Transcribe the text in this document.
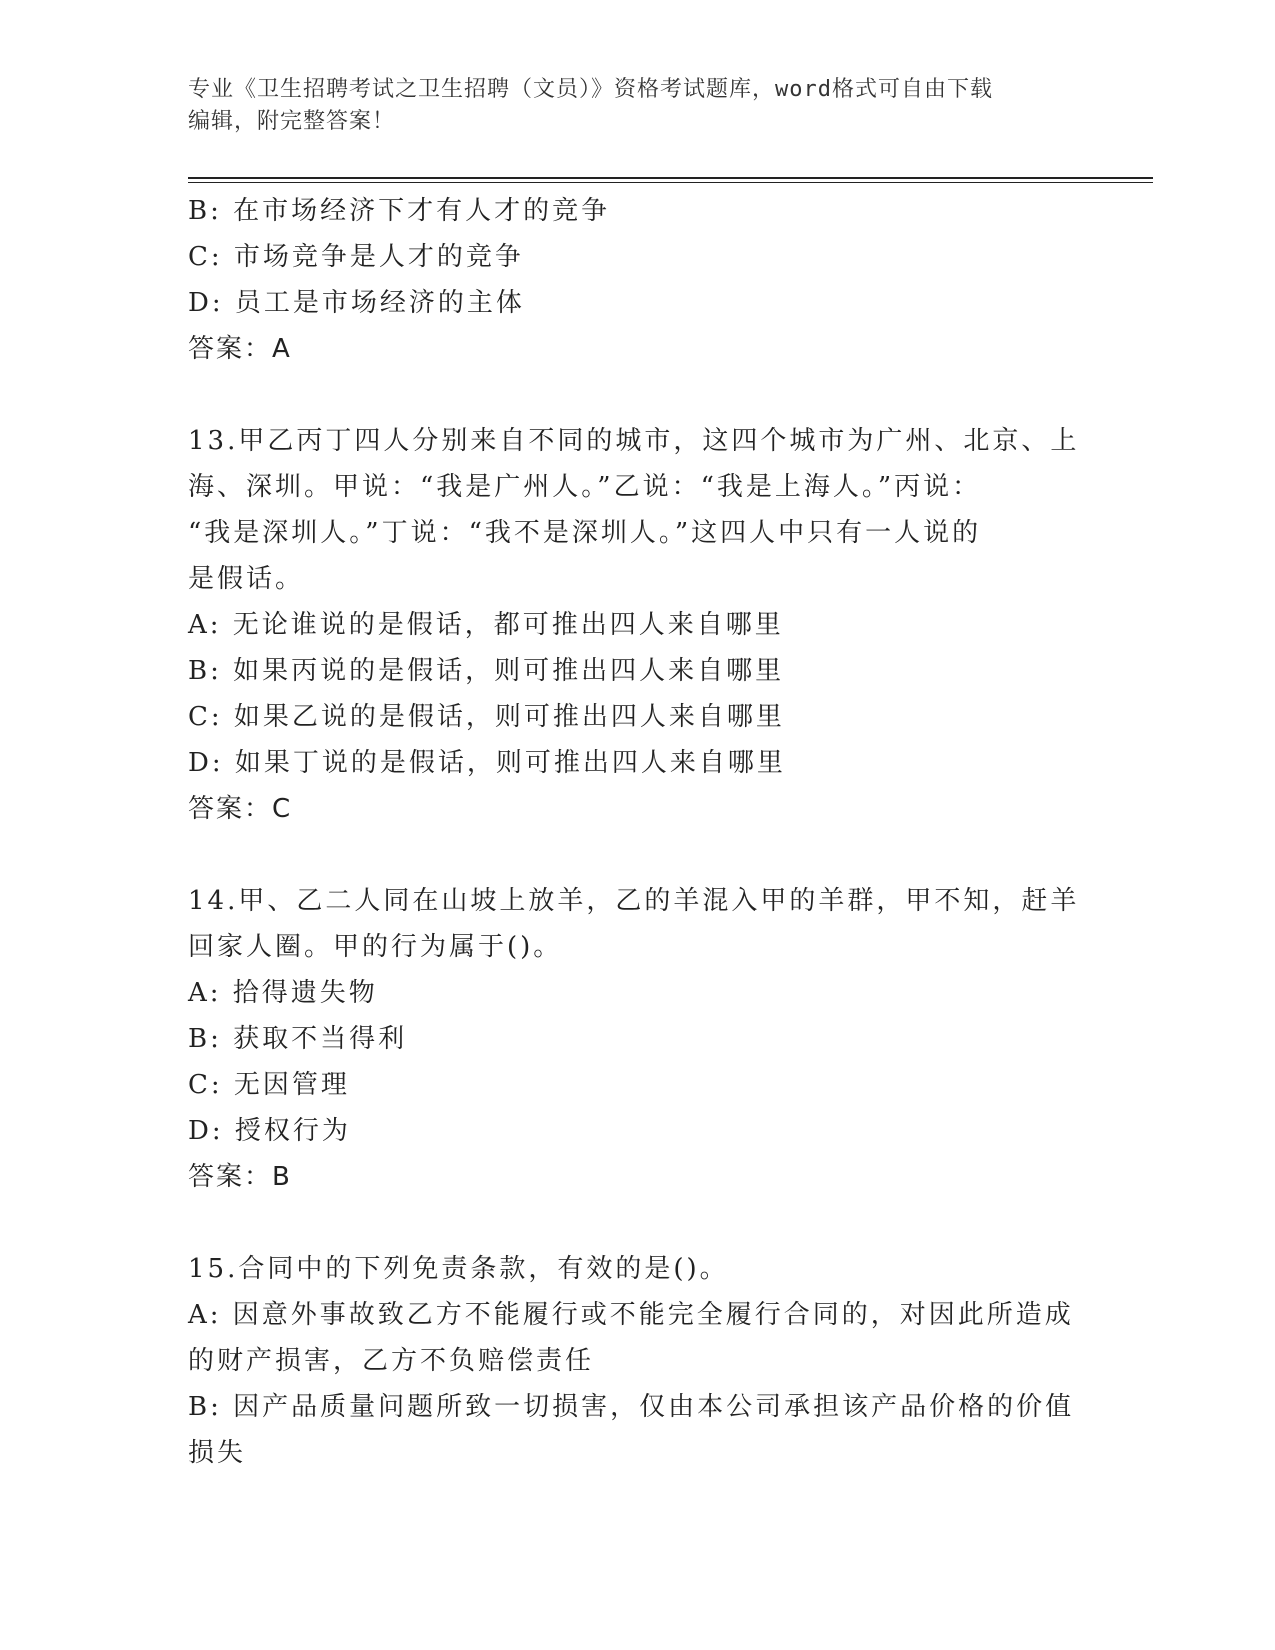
专业《卫生招聘考试之卫生招聘（文员）》资格考试题库，word格式可自由下载
编辑，附完整答案！
B: 在市场经济下才有人才的竞争
C: 市场竞争是人才的竞争
D: 员工是市场经济的主体
答案：A
13.甲乙丙丁四人分别来自不同的城市，这四个城市为广州、北京、上
海、深圳。甲说：“我是广州人。”乙说：“我是上海人。”丙说：
“我是深圳人。”丁说：“我不是深圳人。”这四人中只有一人说的
是假话。
A: 无论谁说的是假话，都可推出四人来自哪里
B: 如果丙说的是假话，则可推出四人来自哪里
C: 如果乙说的是假话，则可推出四人来自哪里
D: 如果丁说的是假话，则可推出四人来自哪里
答案：C
14.甲、乙二人同在山坡上放羊，乙的羊混入甲的羊群，甲不知，赶羊
回家人圈。甲的行为属于()。
A: 拾得遗失物
B: 获取不当得利
C: 无因管理
D: 授权行为
答案：B
15.合同中的下列免责条款，有效的是()。
A: 因意外事故致乙方不能履行或不能完全履行合同的，对因此所造成
的财产损害，乙方不负赔偿责任
B: 因产品质量问题所致一切损害，仅由本公司承担该产品价格的价值
损失
